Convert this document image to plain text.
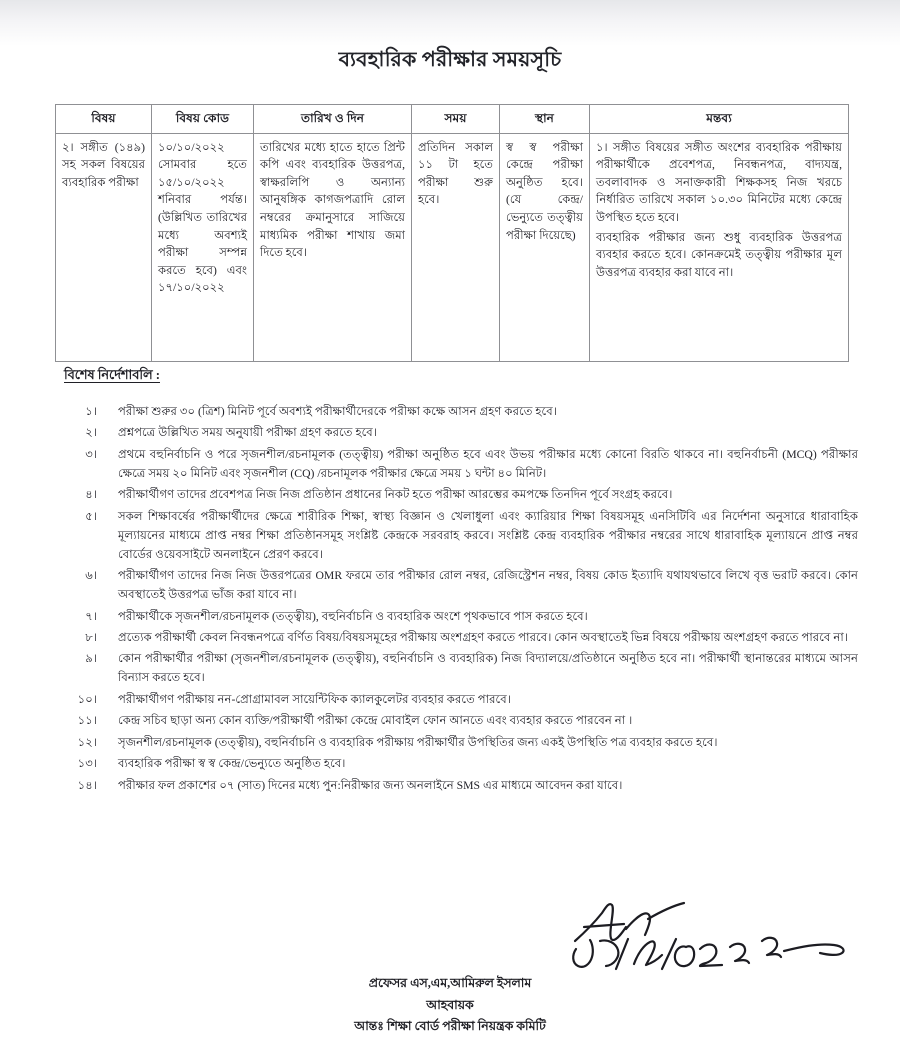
ব্যবহারিক পরীক্ষার সময়সূচি
বিষয়	বিষয় কোড	তারিখ ও দিন	সময়	স্থান	মন্তব্য
২। সঙ্গীত (১৪৯) সহ সকল বিষয়ের ব্যবহারিক পরীক্ষা	১০/১০/২০২২ সোমবার হতে ১৫/১০/২০২২ শনিবার পর্যন্ত। (উল্লিখিত তারিখের মধ্যে অবশ্যই পরীক্ষা সম্পন্ন করতে হবে) এবং ১৭/১০/২০২২	তারিখের মধ্যে হাতে হাতে প্রিন্ট কপি এবং ব্যবহারিক উত্তরপত্র, স্বাক্ষরলিপি ও অন্যান্য আনুষঙ্গিক কাগজপত্রাদি রোল নম্বরের ক্রমানুসারে সাজিয়ে মাধ্যমিক পরীক্ষা শাখায় জমা দিতে হবে।	প্রতিদিন সকাল ১১ টা হতে পরীক্ষা শুরু হবে।	স্ব স্ব পরীক্ষা কেন্দ্রে পরীক্ষা অনুষ্ঠিত হবে। (যে কেন্দ্র/ভেন্যুতে তত্ত্বীয় পরীক্ষা দিয়েছে)	১। সঙ্গীত বিষয়ের সঙ্গীত অংশের ব্যবহারিক পরীক্ষায় পরীক্ষার্থীকে প্রবেশপত্র, নিবন্ধনপত্র, বাদ্যযন্ত্র, তবলাবাদক ও সনাক্তকারী শিক্ষকসহ নিজ খরচে নির্ধারিত তারিখে সকাল ১০.৩০ মিনিটের মধ্যে কেন্দ্রে উপস্থিত হতে হবে।

ব্যবহারিক পরীক্ষার জন্য শুধু ব্যবহারিক উত্তরপত্র ব্যবহার করতে হবে। কোনক্রমেই তত্ত্বীয় পরীক্ষার মূল উত্তরপত্র ব্যবহার করা যাবে না।

বিশেষ নির্দেশাবলি :
১।	পরীক্ষা শুরুর ৩০ (ত্রিশ) মিনিট পূর্বে অবশ্যই পরীক্ষার্থীদেরকে পরীক্ষা কক্ষে আসন গ্রহণ করতে হবে।
২।	প্রশ্নপত্রে উল্লিখিত সময় অনুযায়ী পরীক্ষা গ্রহণ করতে হবে।
৩।	প্রথমে বহুনির্বাচনি ও পরে সৃজনশীল/রচনামূলক (তত্ত্বীয়) পরীক্ষা অনুষ্ঠিত হবে এবং উভয় পরীক্ষার মধ্যে কোনো বিরতি থাকবে না। বহুনির্বাচনী (MCQ) পরীক্ষার ক্ষেত্রে সময় ২০ মিনিট এবং সৃজনশীল (CQ) /রচনামূলক পরীক্ষার ক্ষেত্রে সময় ১ ঘন্টা ৪০ মিনিট।
৪।	পরীক্ষার্থীগণ তাদের প্রবেশপত্র নিজ নিজ প্রতিষ্ঠান প্রধানের নিকট হতে পরীক্ষা আরম্ভের কমপক্ষে তিনদিন পূর্বে সংগ্রহ করবে।
৫।	সকল শিক্ষাবর্ষের পরীক্ষার্থীদের ক্ষেত্রে শারীরিক শিক্ষা, স্বাস্থ্য বিজ্ঞান ও খেলাধুলা এবং ক্যারিয়ার শিক্ষা বিষয়সমূহ এনসিটিবি এর নির্দেশনা অনুসারে ধারাবাহিক মূল্যায়নের মাধ্যমে প্রাপ্ত নম্বর শিক্ষা প্রতিষ্ঠানসমূহ সংশ্লিষ্ট কেন্দ্রকে সরবরাহ করবে। সংশ্লিষ্ট কেন্দ্র ব্যবহারিক পরীক্ষার নম্বরের সাথে ধারাবাহিক মূল্যায়নে প্রাপ্ত নম্বর বোর্ডের ওয়েবসাইটে অনলাইনে প্রেরণ করবে।
৬।	পরীক্ষার্থীগণ তাদের নিজ নিজ উত্তরপত্রের OMR ফরমে তার পরীক্ষার রোল নম্বর, রেজিস্ট্রেশন নম্বর, বিষয় কোড ইত্যাদি যথাযথভাবে লিখে বৃত্ত ভরাট করবে। কোন অবস্থাতেই উত্তরপত্র ভাঁজ করা যাবে না।
৭।	পরীক্ষার্থীকে সৃজনশীল/রচনামূলক (তত্ত্বীয়), বহুনির্বাচনি ও ব্যবহারিক অংশে পৃথকভাবে পাস করতে হবে।
৮।	প্রত্যেক পরীক্ষার্থী কেবল নিবন্ধনপত্রে বর্ণিত বিষয়/বিষয়সমূহের পরীক্ষায় অংশগ্রহণ করতে পারবে। কোন অবস্থাতেই ভিন্ন বিষয়ে পরীক্ষায় অংশগ্রহণ করতে পারবে না।
৯।	কোন পরীক্ষার্থীর পরীক্ষা (সৃজনশীল/রচনামূলক (তত্ত্বীয়), বহুনির্বাচনি ও ব্যবহারিক) নিজ বিদ্যালয়ে/প্রতিষ্ঠানে অনুষ্ঠিত হবে না। পরীক্ষার্থী স্থানান্তরের মাধ্যমে আসন বিন্যাস করতে হবে।
১০।	পরীক্ষার্থীগণ পরীক্ষায় নন-প্রোগ্রামাবল সায়েন্টিফিক ক্যালকুলেটর ব্যবহার করতে পারবে।
১১।	কেন্দ্র সচিব ছাড়া অন্য কোন ব্যক্তি/পরীক্ষার্থী পরীক্ষা কেন্দ্রে মোবাইল ফোন আনতে এবং ব্যবহার করতে পারবেন না ।
১২।	সৃজনশীল/রচনামূলক (তত্ত্বীয়), বহুনির্বাচনি ও ব্যবহারিক পরীক্ষায় পরীক্ষার্থীর উপস্থিতির জন্য একই উপস্থিতি পত্র ব্যবহার করতে হবে।
১৩।	ব্যবহারিক পরীক্ষা স্ব স্ব কেন্দ্র/ভেন্যুতে অনুষ্ঠিত হবে।
১৪।	পরীক্ষার ফল প্রকাশের ০৭ (সাত) দিনের মধ্যে পুন:নিরীক্ষার জন্য অনলাইনে SMS এর মাধ্যমে আবেদন করা যাবে।
প্রফেসর এস,এম,আমিরুল ইসলাম
আহবায়ক
আন্তঃ শিক্ষা বোর্ড পরীক্ষা নিয়ন্ত্রক কমিটি
